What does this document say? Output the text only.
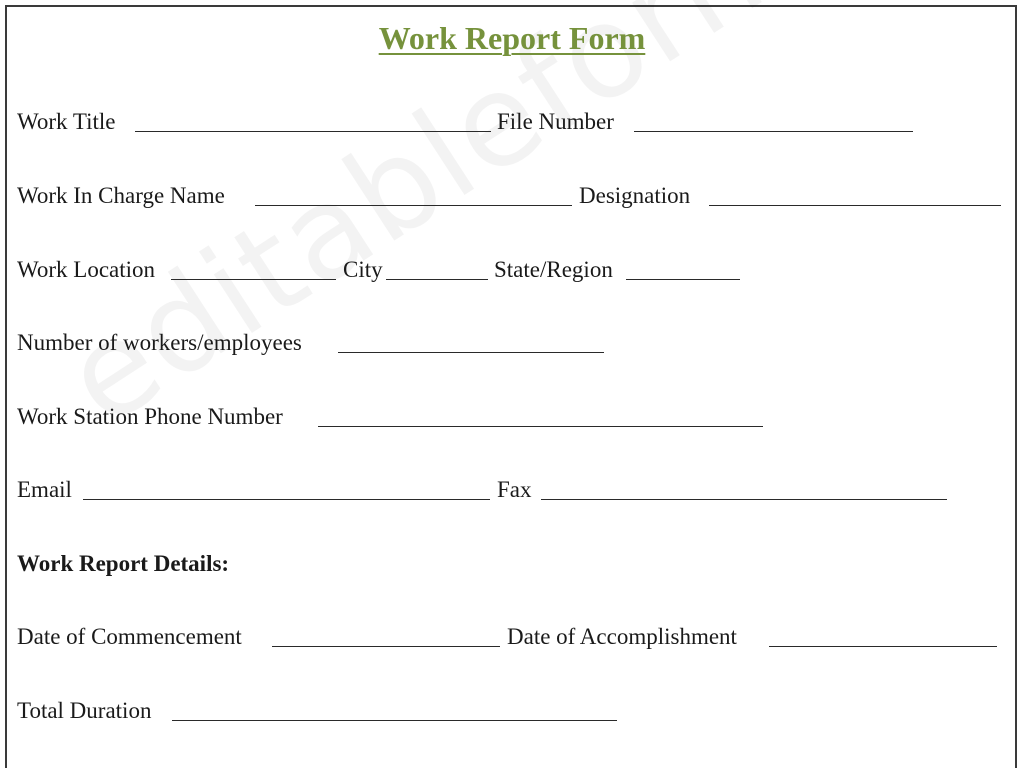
Work Report Form
Work Title	File Number
Work In Charge Name	Designation
Work Location	City	State/Region
Number of workers/employees
Work Station Phone Number
Email	Fax
Work Report Details:
Date of Commencement	Date of Accomplishment
Total Duration
